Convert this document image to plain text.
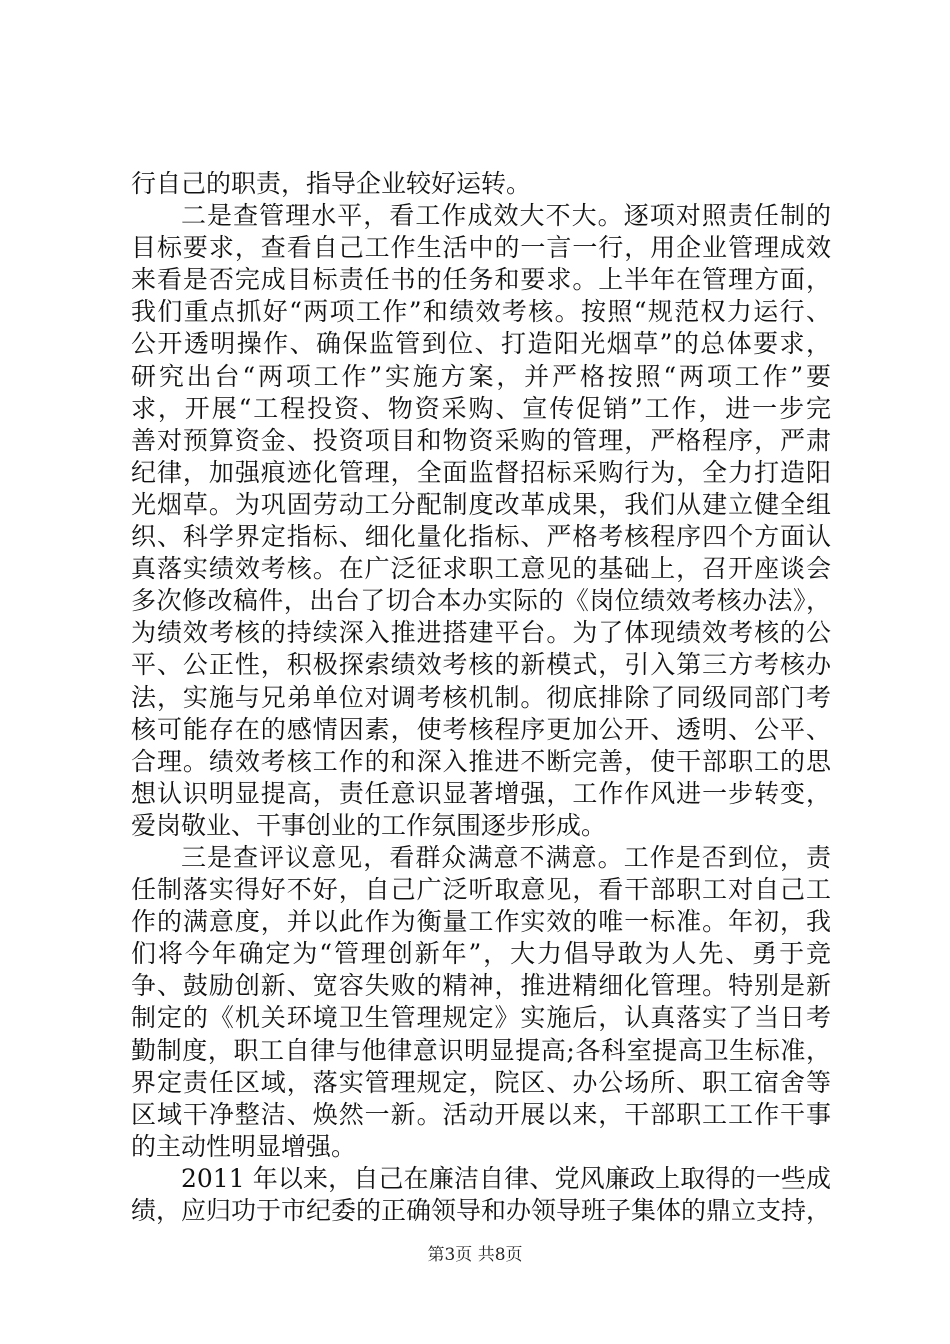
行自己的职责，指导企业较好运转。
二是查管理水平，看工作成效大不大。逐项对照责任制的
目标要求，查看自己工作生活中的一言一行，用企业管理成效
来看是否完成目标责任书的任务和要求。上半年在管理方面，
我们重点抓好“两项工作”和绩效考核。按照“规范权力运行、
公开透明操作、确保监管到位、打造阳光烟草”的总体要求，
研究出台“两项工作”实施方案，并严格按照“两项工作”要
求，开展“工程投资、物资采购、宣传促销”工作，进一步完
善对预算资金、投资项目和物资采购的管理，严格程序，严肃
纪律，加强痕迹化管理，全面监督招标采购行为，全力打造阳
光烟草。为巩固劳动工分配制度改革成果，我们从建立健全组
织、科学界定指标、细化量化指标、严格考核程序四个方面认
真落实绩效考核。在广泛征求职工意见的基础上，召开座谈会
多次修改稿件，出台了切合本办实际的《岗位绩效考核办法》，
为绩效考核的持续深入推进搭建平台。为了体现绩效考核的公
平、公正性，积极探索绩效考核的新模式，引入第三方考核办
法，实施与兄弟单位对调考核机制。彻底排除了同级同部门考
核可能存在的感情因素，使考核程序更加公开、透明、公平、
合理。绩效考核工作的和深入推进不断完善，使干部职工的思
想认识明显提高，责任意识显著增强，工作作风进一步转变，
爱岗敬业、干事创业的工作氛围逐步形成。
三是查评议意见，看群众满意不满意。工作是否到位，责
任制落实得好不好，自己广泛听取意见，看干部职工对自己工
作的满意度，并以此作为衡量工作实效的唯一标准。年初，我
们将今年确定为“管理创新年”，大力倡导敢为人先、勇于竞
争、鼓励创新、宽容失败的精神，推进精细化管理。特别是新
制定的《机关环境卫生管理规定》实施后，认真落实了当日考
勤制度，职工自律与他律意识明显提高;各科室提高卫生标准，
界定责任区域，落实管理规定，院区、办公场所、职工宿舍等
区域干净整洁、焕然一新。活动开展以来，干部职工工作干事
的主动性明显增强。
2011 年以来，自己在廉洁自律、党风廉政上取得的一些成
绩，应归功于市纪委的正确领导和办领导班子集体的鼎立支持，
第3页 共8页
